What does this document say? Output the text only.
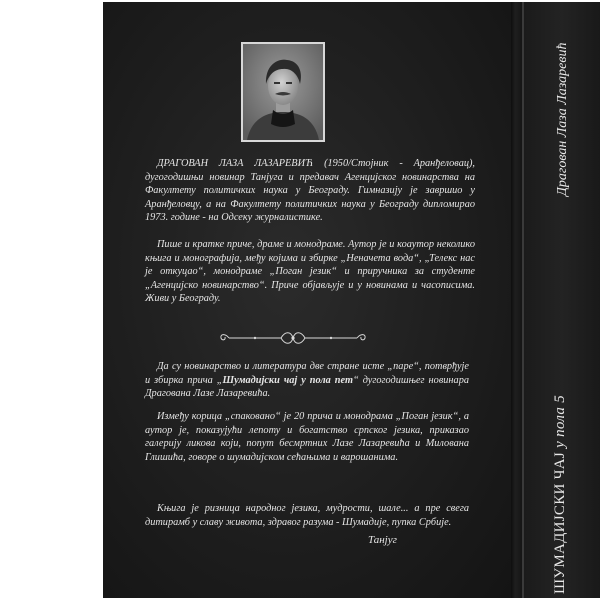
ДРАГОВАН ЛАЗА ЛАЗАРЕВИЋ (1950/Стојник - Аранђеловац), дугогодишњи новинар Танјуга и предавач Агенцијског новинарства на Факултету политичких наука у Београду. Гимназију је завршио у Аранђеловцу, а на Факултету политичких наука у Београду дипломирао 1973. године - на Одсеку журналистике.

Пише и кратке приче, драме и монодраме. Аутор је и коаутор неколико књига и монографија, међу којима и збирке „Неначета вода“, „Телекс нас је откуцао“, монодраме „Поган језик“ и приручника за студенте „Агенцијско новинарство“. Приче објављује и у новинама и часописима. Живи у Београду.

Да су новинарство и литература две стране исте „паре“, потврђује и збирка прича „Шумадијски чај у пола пет“ дугогодишњег новинара Драгована Лазе Лазаревића.

Између корица „спаковано“ је 20 прича и монодрама „Поган језик“, а аутор је, показујући лепоту и богатство српског језика, приказао галерију ликова који, попут бесмртних Лазе Лазаревића и Милована Глишића, говоре о шумадијском сећањима и варошанима.

Књига је ризница народног језика, мудрости, шале... а пре свега дитирамб у славу живота, здравог разума - Шумадије, пупка Србије.

Танјуг
Драгован Лаза Лазаревић
ШУМАДИЈСКИ ЧАЈ у пола 5
